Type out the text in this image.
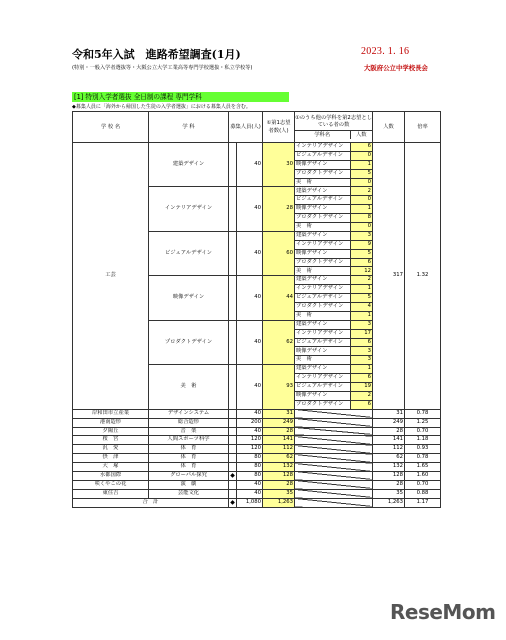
令和5年入試　進路希望調査(1月)	2023. 1. 16
(特別・一般入学者選抜等・大阪公立大学工業高等専門学校選抜・私立学校等)	大阪府公立中学校長会
[1] 特別入学者選抜 全日制の課程 専門学科
◆募集人員に「海外から帰国した生徒の入学者選抜」における募集人員を含む。
学 校 名	学 科	募集人員(人)		①第1志望者数(人)	①のうち他の学科を第2志望としている者の数
学科名 人数		人数	倍率
工芸	建築デザイン		40	30	インテリアデザイン	6	317	1.32
					ビジュアルデザイン	0		
					映像デザイン	1		
					プロダクトデザイン	5		
					美　術	0		
	インテリアデザイン		40	28	建築デザイン	2		
					ビジュアルデザイン	0		
					映像デザイン	1		
					プロダクトデザイン	8		
					美　術	0		
	ビジュアルデザイン		40	60	建築デザイン	3		
					インテリアデザイン	9		
					映像デザイン	5		
					プロダクトデザイン	6		
					美　術	12		
	映像デザイン		40	44	建築デザイン	2		
					インテリアデザイン	1		
					ビジュアルデザイン	5		
					プロダクトデザイン	4		
					美　術	1		
	プロダクトデザイン		40	62	建築デザイン	3		
					インテリアデザイン	17		
					ビジュアルデザイン	6		
					映像デザイン	3		
					美　術	3		
	美　術		40	93	建築デザイン	1		
					インテリアデザイン	6		
					ビジュアルデザイン	19		
					映像デザイン	2		
					プロダクトデザイン	6		
岸和田市立産業	デザインシステム		40	31			31	0.78
港南造形	総合造形		200	249			249	1.25
夕陽丘	音　楽		40	28			28	0.70
桜　宮	人間スポーツ科学		120	141			141	1.18
汎　愛	体　育		120	112			112	0.93
摂　津	体　育		80	62			62	0.78
大　塚	体　育		80	132			132	1.65
水都国際	グローバル探究	◆	80	128			128	1.60
咲くやこの花	演　劇		40	28			28	0.70
東住吉	芸能文化		40	35			35	0.88
合　計		◆	1,080	1,263			1,263	1.17
ReseMom
